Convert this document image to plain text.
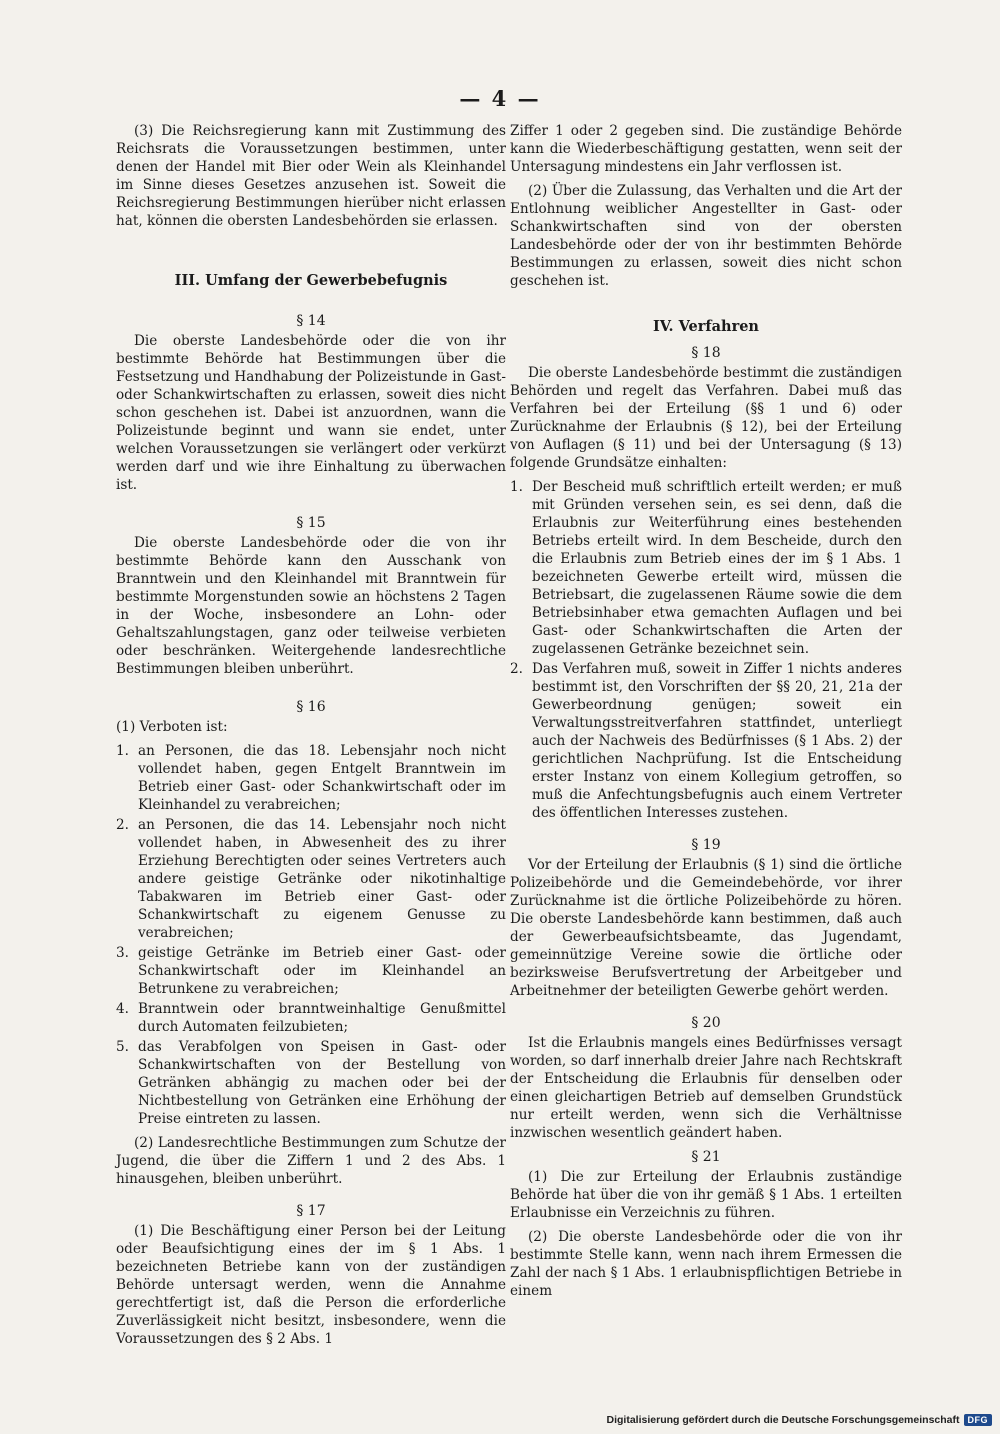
— 4 —

(3) Die Reichsregierung kann mit Zustimmung des Reichsrats die Voraussetzungen bestimmen, unter denen der Handel mit Bier oder Wein als Kleinhandel im Sinne dieses Gesetzes anzusehen ist. Soweit die Reichsregierung Bestimmungen hierüber nicht erlassen hat, können die obersten Landesbehörden sie erlassen.

III. Umfang der Gewerbebefugnis
§ 14

Die oberste Landesbehörde oder die von ihr bestimmte Behörde hat Bestimmungen über die Festsetzung und Handhabung der Polizeistunde in Gast- oder Schankwirtschaften zu erlassen, soweit dies nicht schon geschehen ist. Dabei ist anzuordnen, wann die Polizeistunde beginnt und wann sie endet, unter welchen Voraussetzungen sie verlängert oder verkürzt werden darf und wie ihre Einhaltung zu überwachen ist.

§ 15

Die oberste Landesbehörde oder die von ihr bestimmte Behörde kann den Ausschank von Branntwein und den Kleinhandel mit Branntwein für bestimmte Morgenstunden sowie an höchstens 2 Tagen in der Woche, insbesondere an Lohn- oder Gehaltszahlungstagen, ganz oder teilweise verbieten oder beschränken. Weitergehende landesrechtliche Bestimmungen bleiben unberührt.

§ 16

(1) Verboten ist:

1. an Personen, die das 18. Lebensjahr noch nicht vollendet haben, gegen Entgelt Branntwein im Betrieb einer Gast- oder Schankwirtschaft oder im Kleinhandel zu verabreichen;
2. an Personen, die das 14. Lebensjahr noch nicht vollendet haben, in Abwesenheit des zu ihrer Erziehung Berechtigten oder seines Vertreters auch andere geistige Getränke oder nikotinhaltige Tabakwaren im Betrieb einer Gast- oder Schankwirtschaft zu eigenem Genusse zu verabreichen;
3. geistige Getränke im Betrieb einer Gast- oder Schankwirtschaft oder im Kleinhandel an Betrunkene zu verabreichen;
4. Branntwein oder branntweinhaltige Genußmittel durch Automaten feilzubieten;
5. das Verabfolgen von Speisen in Gast- oder Schankwirtschaften von der Bestellung von Getränken abhängig zu machen oder bei der Nichtbestellung von Getränken eine Erhöhung der Preise eintreten zu lassen.

(2) Landesrechtliche Bestimmungen zum Schutze der Jugend, die über die Ziffern 1 und 2 des Abs. 1 hinausgehen, bleiben unberührt.

§ 17

(1) Die Beschäftigung einer Person bei der Leitung oder Beaufsichtigung eines der im § 1 Abs. 1 bezeichneten Betriebe kann von der zuständigen Behörde untersagt werden, wenn die Annahme gerechtfertigt ist, daß die Person die erforderliche Zuverlässigkeit nicht besitzt, insbesondere, wenn die Voraussetzungen des § 2 Abs. 1

Ziffer 1 oder 2 gegeben sind. Die zuständige Behörde kann die Wiederbeschäftigung gestatten, wenn seit der Untersagung mindestens ein Jahr verflossen ist.

(2) Über die Zulassung, das Verhalten und die Art der Entlohnung weiblicher Angestellter in Gast- oder Schankwirtschaften sind von der obersten Landesbehörde oder der von ihr bestimmten Behörde Bestimmungen zu erlassen, soweit dies nicht schon geschehen ist.

IV. Verfahren
§ 18

Die oberste Landesbehörde bestimmt die zuständigen Behörden und regelt das Verfahren. Dabei muß das Verfahren bei der Erteilung (§§ 1 und 6) oder Zurücknahme der Erlaubnis (§ 12), bei der Erteilung von Auflagen (§ 11) und bei der Untersagung (§ 13) folgende Grundsätze einhalten:

1. Der Bescheid muß schriftlich erteilt werden; er muß mit Gründen versehen sein, es sei denn, daß die Erlaubnis zur Weiterführung eines bestehenden Betriebs erteilt wird. In dem Bescheide, durch den die Erlaubnis zum Betrieb eines der im § 1 Abs. 1 bezeichneten Gewerbe erteilt wird, müssen die Betriebsart, die zugelassenen Räume sowie die dem Betriebsinhaber etwa gemachten Auflagen und bei Gast- oder Schankwirtschaften die Arten der zugelassenen Getränke bezeichnet sein.
2. Das Verfahren muß, soweit in Ziffer 1 nichts anderes bestimmt ist, den Vorschriften der §§ 20, 21, 21a der Gewerbeordnung genügen; soweit ein Verwaltungsstreitverfahren stattfindet, unterliegt auch der Nachweis des Bedürfnisses (§ 1 Abs. 2) der gerichtlichen Nachprüfung. Ist die Entscheidung erster Instanz von einem Kollegium getroffen, so muß die Anfechtungsbefugnis auch einem Vertreter des öffentlichen Interesses zustehen.
§ 19

Vor der Erteilung der Erlaubnis (§ 1) sind die örtliche Polizeibehörde und die Gemeindebehörde, vor ihrer Zurücknahme ist die örtliche Polizeibehörde zu hören. Die oberste Landesbehörde kann bestimmen, daß auch der Gewerbeaufsichtsbeamte, das Jugendamt, gemeinnützige Vereine sowie die örtliche oder bezirksweise Berufsvertretung der Arbeitgeber und Arbeitnehmer der beteiligten Gewerbe gehört werden.

§ 20

Ist die Erlaubnis mangels eines Bedürfnisses versagt worden, so darf innerhalb dreier Jahre nach Rechtskraft der Entscheidung die Erlaubnis für denselben oder einen gleichartigen Betrieb auf demselben Grundstück nur erteilt werden, wenn sich die Verhältnisse inzwischen wesentlich geändert haben.

§ 21

(1) Die zur Erteilung der Erlaubnis zuständige Behörde hat über die von ihr gemäß § 1 Abs. 1 erteilten Erlaubnisse ein Verzeichnis zu führen.

(2) Die oberste Landesbehörde oder die von ihr bestimmte Stelle kann, wenn nach ihrem Ermessen die Zahl der nach § 1 Abs. 1 erlaubnispflichtigen Betriebe in einem

Digitalisierung gefördert durch die Deutsche Forschungsgemeinschaft DFG
